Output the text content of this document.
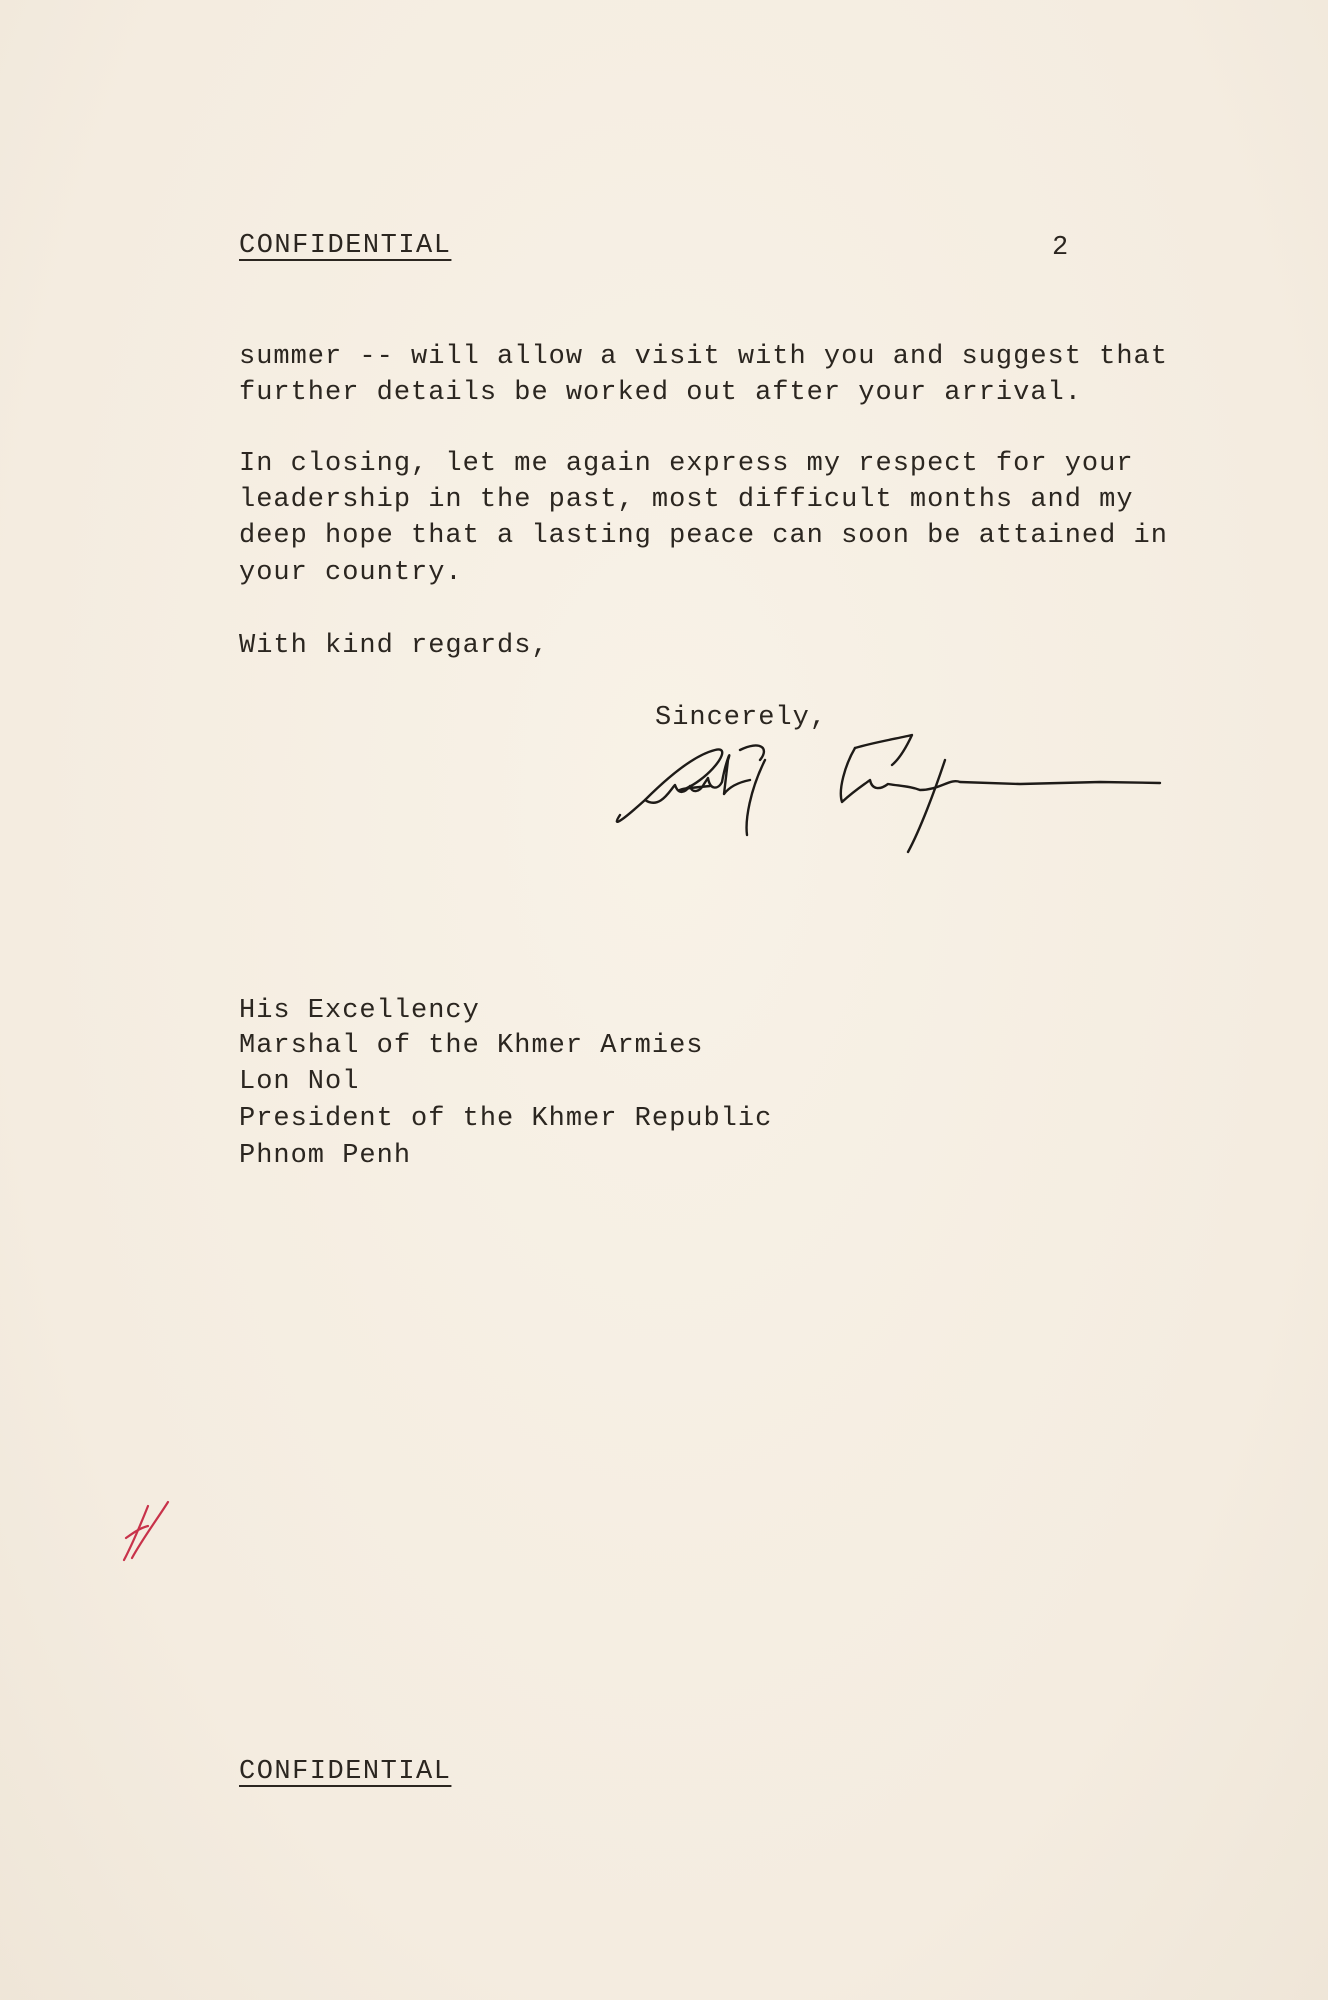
CONFIDENTIAL	2
summer -- will allow a visit with you and suggest that
further details be worked out after your arrival.
In closing, let me again express my respect for your
leadership in the past, most difficult months and my
deep hope that a lasting peace can soon be attained in
your country.
With kind regards,
Sincerely,
His Excellency
Marshal of the Khmer Armies
Lon Nol
President of the Khmer Republic
Phnom Penh
CONFIDENTIAL
